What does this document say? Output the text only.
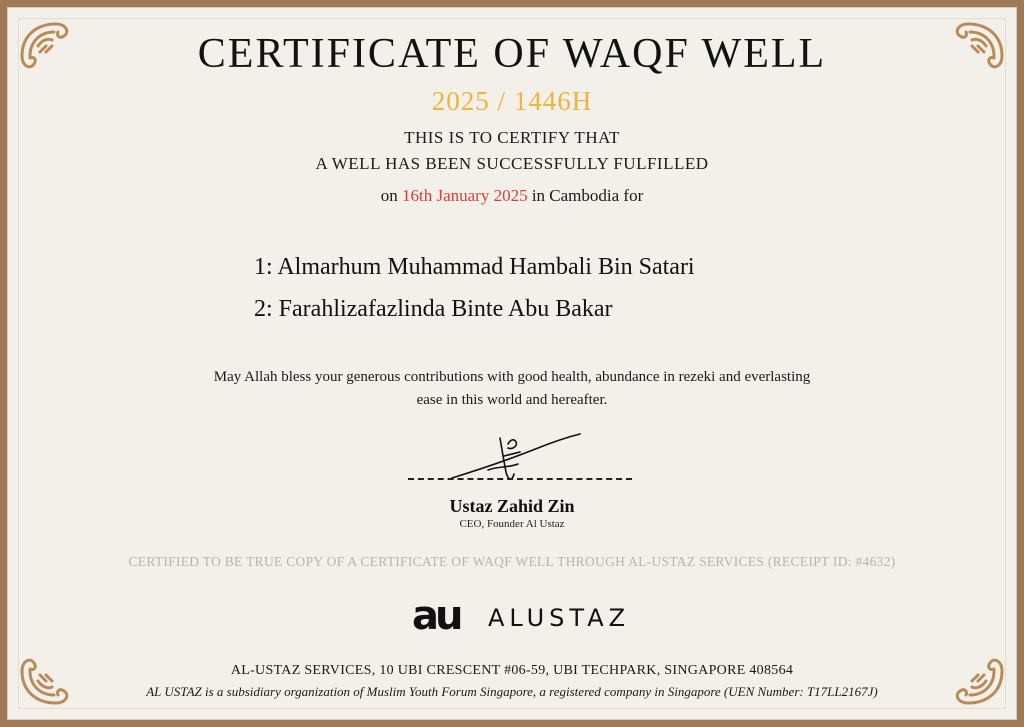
CERTIFICATE OF WAQF WELL
2025 / 1446H
THIS IS TO CERTIFY THAT
A WELL HAS BEEN SUCCESSFULLY FULFILLED
on 16th January 2025 in Cambodia for
1: Almarhum Muhammad Hambali Bin Satari
2: Farahlizafazlinda Binte Abu Bakar
May Allah bless your generous contributions with good health, abundance in rezeki and everlasting
ease in this world and hereafter.
Ustaz Zahid Zin
CEO, Founder Al Ustaz
CERTIFIED TO BE TRUE COPY OF A CERTIFICATE OF WAQF WELL THROUGH AL-USTAZ SERVICES (RECEIPT ID: #4632)
au ALUSTAZ
AL-USTAZ SERVICES, 10 UBI CRESCENT #06-59, UBI TECHPARK, SINGAPORE 408564
AL USTAZ is a subsidiary organization of Muslim Youth Forum Singapore, a registered company in Singapore (UEN Number: T17LL2167J)
